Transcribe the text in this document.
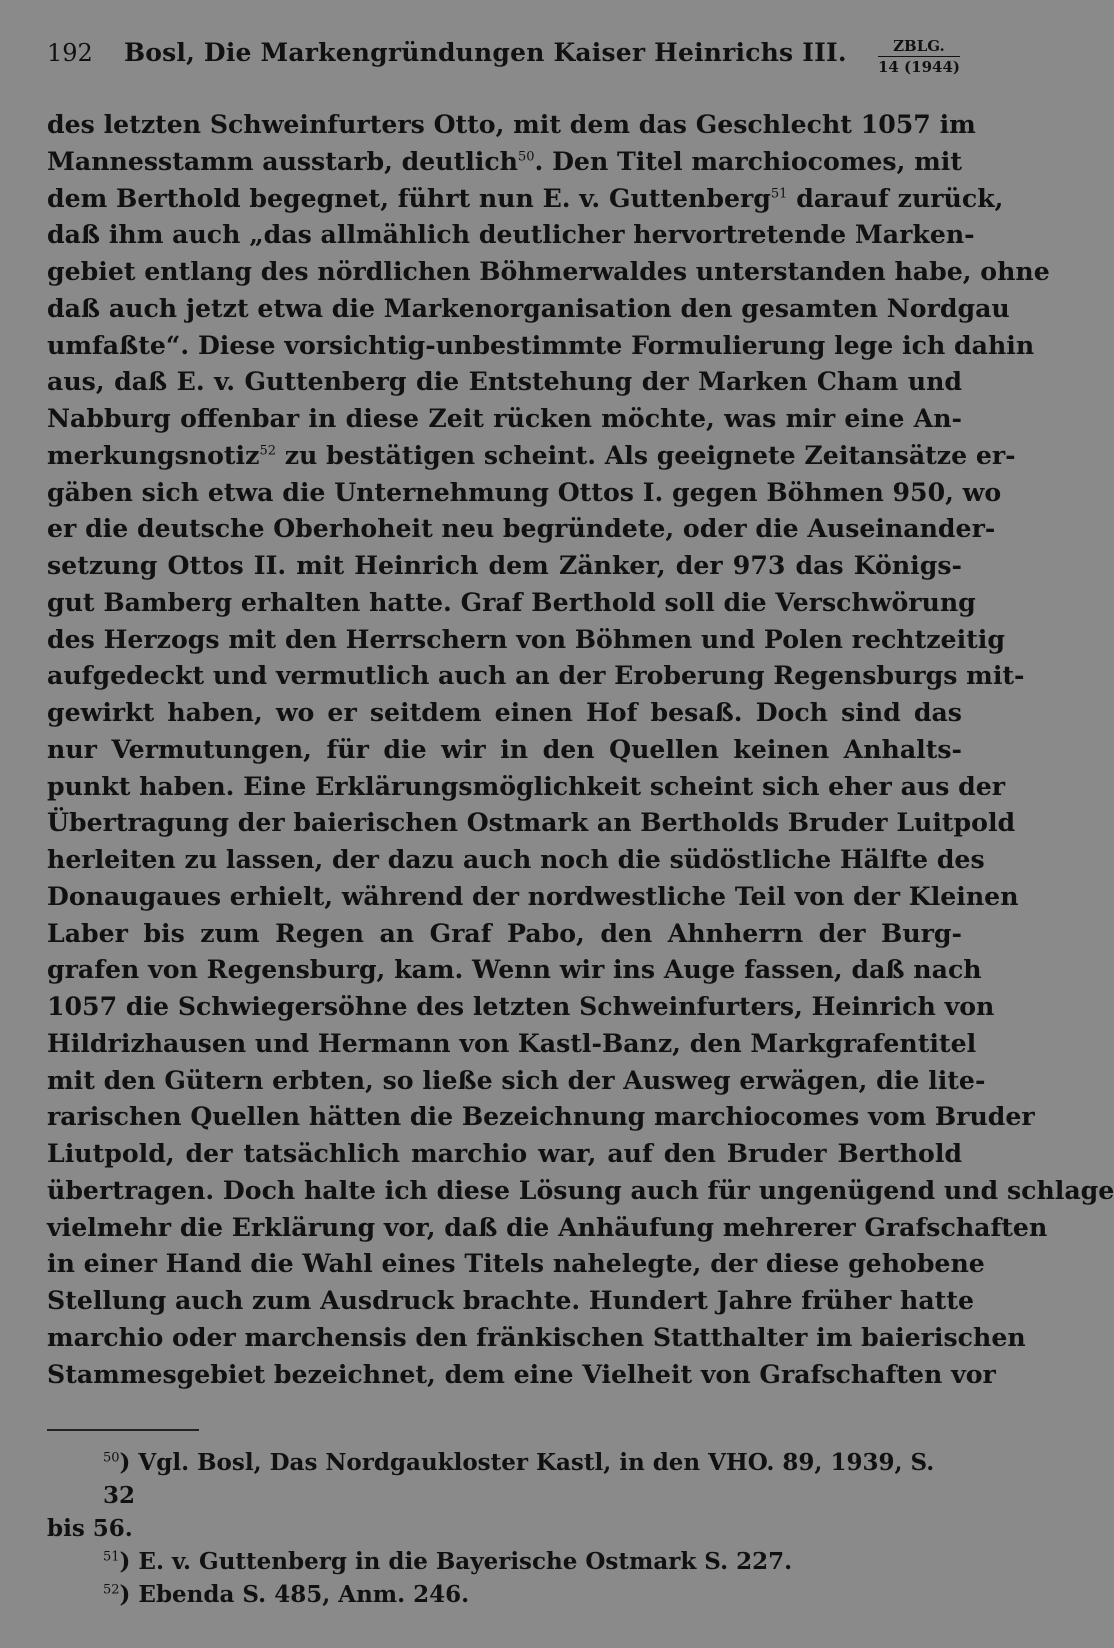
192 Bosl, Die Markengründungen Kaiser Heinrichs III.	ZBLG.
14 (1944)
des letzten Schweinfurters Otto, mit dem das Geschlecht 1057 im
Mannesstamm ausstarb, deutlich$^{50}$. Den Titel marchiocomes, mit
dem Berthold begegnet, führt nun E. v. Guttenberg$^{51}$ darauf zurück,
daß ihm auch „das allmählich deutlicher hervortretende Marken-
gebiet entlang des nördlichen Böhmerwaldes unterstanden habe, ohne
daß auch jetzt etwa die Markenorganisation den gesamten Nordgau
umfaßte“. Diese vorsichtig-unbestimmte Formulierung lege ich dahin
aus, daß E. v. Guttenberg die Entstehung der Marken Cham und
Nabburg offenbar in diese Zeit rücken möchte, was mir eine An-
merkungsnotiz$^{52}$ zu bestätigen scheint. Als geeignete Zeitansätze er-
gäben sich etwa die Unternehmung Ottos I. gegen Böhmen 950, wo
er die deutsche Oberhoheit neu begründete, oder die Auseinander-
setzung Ottos II. mit Heinrich dem Zänker, der 973 das Königs-
gut Bamberg erhalten hatte. Graf Berthold soll die Verschwörung
des Herzogs mit den Herrschern von Böhmen und Polen rechtzeitig
aufgedeckt und vermutlich auch an der Eroberung Regensburgs mit-
gewirkt haben, wo er seitdem einen Hof besaß. Doch sind das
nur Vermutungen, für die wir in den Quellen keinen Anhalts-
punkt haben. Eine Erklärungsmöglichkeit scheint sich eher aus der
Übertragung der baierischen Ostmark an Bertholds Bruder Luitpold
herleiten zu lassen, der dazu auch noch die südöstliche Hälfte des
Donaugaues erhielt, während der nordwestliche Teil von der Kleinen
Laber bis zum Regen an Graf Pabo, den Ahnherrn der Burg-
grafen von Regensburg, kam. Wenn wir ins Auge fassen, daß nach
1057 die Schwiegersöhne des letzten Schweinfurters, Heinrich von
Hildrizhausen und Hermann von Kastl-Banz, den Markgrafentitel
mit den Gütern erbten, so ließe sich der Ausweg erwägen, die lite-
rarischen Quellen hätten die Bezeichnung marchiocomes vom Bruder
Liutpold, der tatsächlich marchio war, auf den Bruder Berthold
übertragen. Doch halte ich diese Lösung auch für ungenügend und schlage
vielmehr die Erklärung vor, daß die Anhäufung mehrerer Grafschaften
in einer Hand die Wahl eines Titels nahelegte, der diese gehobene
Stellung auch zum Ausdruck brachte. Hundert Jahre früher hatte
marchio oder marchensis den fränkischen Statthalter im baierischen
Stammesgebiet bezeichnet, dem eine Vielheit von Grafschaften vor
$^{50}$) Vgl. Bosl, Das Nordgaukloster Kastl, in den VHO. 89, 1939, S. 32
bis 56.
$^{51}$) E. v. Guttenberg in die Bayerische Ostmark S. 227.
$^{52}$) Ebenda S. 485, Anm. 246.
